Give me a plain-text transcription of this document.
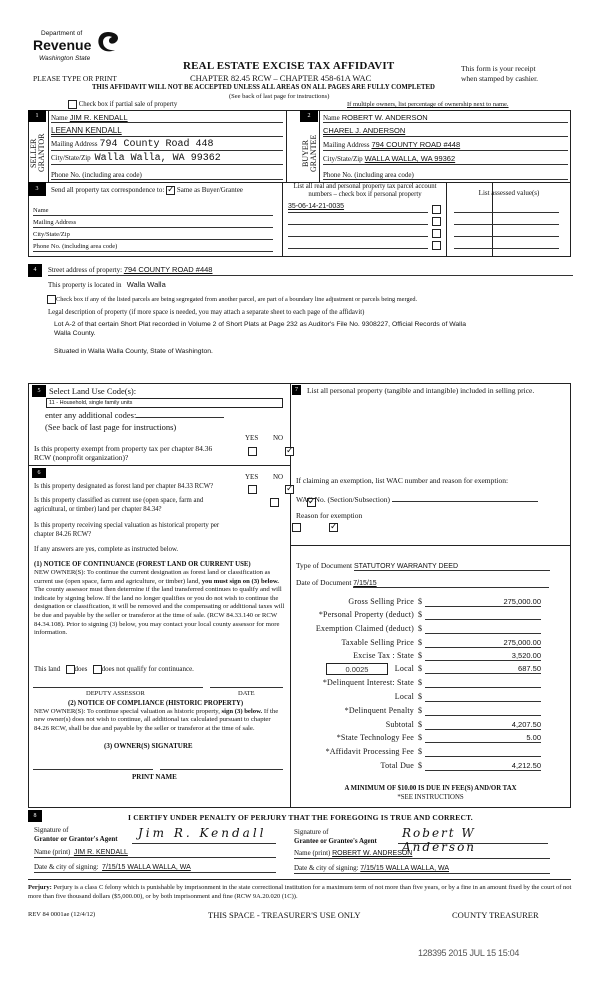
Department of
Revenue
Washington State
PLEASE TYPE OR PRINT
REAL ESTATE EXCISE TAX AFFIDAVIT
CHAPTER 82.45 RCW – CHAPTER 458-61A WAC
THIS AFFIDAVIT WILL NOT BE ACCEPTED UNLESS ALL AREAS ON ALL PAGES ARE FULLY COMPLETED
(See back of last page for instructions)
This form is your receipt
when stamped by cashier.
Check box if partial sale of property	If multiple owners, list percentage of ownership next to name.
1
SELLER
GRANTOR
Name JIM R. KENDALL
LEEANN KENDALL
Mailing Address 794 County Road 448
City/State/Zip Walla Walla, WA 99362
Phone No. (including area code)
2
BUYER
GRANTEE
Name ROBERT W. ANDERSON
CHAREL J. ANDERSON
Mailing Address 794 COUNTY ROAD #448
City/State/Zip WALLA WALLA, WA 99362
Phone No. (including area code)
3	Send all property tax correspondence to: ✓ Same as Buyer/Grantee
Name
Mailing Address
City/State/Zip
Phone No. (including area code)
List all real and personal property tax parcel account numbers – check box if personal property	List assessed value(s)
35-06-14-21-0035
4	Street address of property: 794 COUNTY ROAD #448
This property is located in Walla Walla
Check box if any of the listed parcels are being segregated from another parcel, are part of a boundary line adjustment or parcels being merged.
Legal description of property (if more space is needed, you may attach a separate sheet to each page of the affidavit)
Lot A-2 of that certain Short Plat recorded in Volume 2 of Short Plats at Page 232 as Auditor's File No. 9308227, Official Records of Walla
Walla County.
Situated in Walla Walla County, State of Washington.
5	Select Land Use Code(s):
11 - Household, single family units
enter any additional codes:
(See back of last page for instructions)
YES NO
Is this property exempt from property tax per chapter 84.36 RCW (nonprofit organization)?
✓
6	YES NO
Is this property designated as forest land per chapter 84.33 RCW?
✓
Is this property classified as current use (open space, farm and agricultural, or timber) land per chapter 84.34?
✓
Is this property receiving special valuation as historical property per chapter 84.26 RCW?
✓
If any answers are yes, complete as instructed below.
(1) NOTICE OF CONTINUANCE (FOREST LAND OR CURRENT USE)
NEW OWNER(S): To continue the current designation as forest land or classification as current use (open space, farm and agriculture, or timber) land, you must sign on (3) below. The county assessor must then determine if the land transferred continues to qualify and will indicate by signing below. If the land no longer qualifies or you do not wish to continue the designation or classification, it will be removed and the compensating or additional taxes will be due and payable by the seller or transferor at the time of sale. (RCW 84.33.140 or RCW 84.34.108). Prior to signing (3) below, you may contact your local county assessor for more information.
This land does does not qualify for continuance.
DEPUTY ASSESSOR	DATE
(2) NOTICE OF COMPLIANCE (HISTORIC PROPERTY)
NEW OWNER(S): To continue special valuation as historic property, sign (3) below. If the new owner(s) does not wish to continue, all additional tax calculated pursuant to chapter 84.26 RCW, shall be due and payable by the seller or transferor at the time of sale.
(3) OWNER(S) SIGNATURE
PRINT NAME
7	List all personal property (tangible and intangible) included in selling price.
If claiming an exemption, list WAC number and reason for exemption:
WAC No. (Section/Subsection)
Reason for exemption
Type of Document STATUTORY WARRANTY DEED
Date of Document 7/15/15
Gross Selling Price $	275,000.00
*Personal Property (deduct) $
Exemption Claimed (deduct) $
Taxable Selling Price $	275,000.00
Excise Tax : State $	3,520.00
0.0025	Local $	687.50
*Delinquent Interest: State $
Local $
*Delinquent Penalty $
Subtotal $	4,207.50
*State Technology Fee $	5.00
*Affidavit Processing Fee $
Total Due $	4,212.50
A MINIMUM OF $10.00 IS DUE IN FEE(S) AND/OR TAX
*SEE INSTRUCTIONS
8	I CERTIFY UNDER PENALTY OF PERJURY THAT THE FOREGOING IS TRUE AND CORRECT.
Signature of
Grantor or Grantor's Agent Jim R. Kendall
Name (print) JIM R. KENDALL
Date & city of signing: 7/15/15 WALLA WALLA, WA
Signature of
Grantee or Grantee's Agent
Robert W Anderson
Name (print) ROBERT W. ANDRESON
Date & city of signing: 7/15/15 WALLA WALLA, WA
Perjury: Perjury is a class C felony which is punishable by imprisonment in the state correctional institution for a maximum term of not more than five years, or by a fine in an amount fixed by the court of not more than five thousand dollars ($5,000.00), or by both imprisonment and fine (RCW 9A.20.020 (1C)).
REV 84 0001ae (12/4/12)	THIS SPACE - TREASURER'S USE ONLY	COUNTY TREASURER
128395 2015 JUL 15 15:04
